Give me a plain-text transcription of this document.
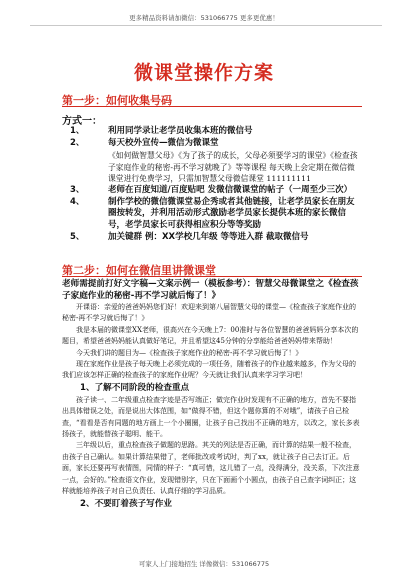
更多精品资料请加微信：531066775 更多更优惠！
微课堂操作方案
第一步：如何收集号码
方式一：
1、	利用同学录让老学员收集本班的微信号
2、	每天校外宣传—微信为微课堂
《如何做智慧父母》《为了孩子的成长，父母必须要学习的课堂》《检查孩子家庭作业的秘密-再不学习就晚了》等等课程 每天晚上会定期在微信微课堂进行免费学习，只需加智慧父母微信课堂 111111111
3、	老师在百度知道/百度贴吧 发微信微课堂的帖子（一周至少三次）
4、	制作学校的微信微课堂易企秀或者其他链接，让老学员家长在朋友圈按转发，并利用活动形式激励老学员家长提供本班的家长微信号，老学员家长可获得相应积分等等奖励
5、	加关键群 例：XX学校几年级 等等进入群 截取微信号
第二步：如何在微信里讲微课堂
老师需提前打好文字稿—文案示例一（模板参考）：智慧父母微课堂之《检查孩子家庭作业的秘密-再不学习就后悔了！》

开课语：亲爱的爸爸妈妈您们好！欢迎来到第八届智慧父母的课堂—《检查孩子家庭作业的秘密-再不学习就后悔了！》

我是本届的微课堂XX老师，很高兴在今天晚上7：00准时与各位智慧的爸爸妈妈分享本次的题目，希望爸爸妈妈能认真做好笔记，并且希望这45分钟的分享能给爸爸妈妈带来帮助！

今天我们讲的题目为—《检查孩子家庭作业的秘密-再不学习就后悔了！》

现在家庭作业是孩子每天晚上必须完成的一项任务，随着孩子的作业越来越多，作为父母的我们应该怎样正确的检查孩子的家庭作业呢？今天就让我们认真来学习学习吧！

1、了解不同阶段的检查重点

孩子读一、二年级重点检查字迹是否写端正；做完作业时发现有不正确的地方，首先不要指出具体错误之处，而是说出大体范围，如“做得不错，但这个题你算的不对哦”，请孩子自己检查，“看看是否有同题的地方画上一个小圈圈，让孩子自己找出不正确的地方，以改之，家长多表扬孩子，就能替孩子聪明、能干。

三年级以后，重点检查孩子做题的思路。其关的列法是否正确，而计算的结果一般不检查，由孩子自己确认。如果计算结果错了，老师批改或考试时，判了xx，就让孩子自己去订正。后面，家长还要再写表情图，同情的样子：“真可惜，这儿错了一点，没得满分，没关系，下次注意一点，会好的。”检查语文作业，发现错别字，只在下面画个小圆点，由孩子自己查字词纠正；这样就能培养孩子对自己负责任、认真仔细的学习品质。

2、不要盯着孩子写作业
可家人上门接地招生 详像微信：531066775
